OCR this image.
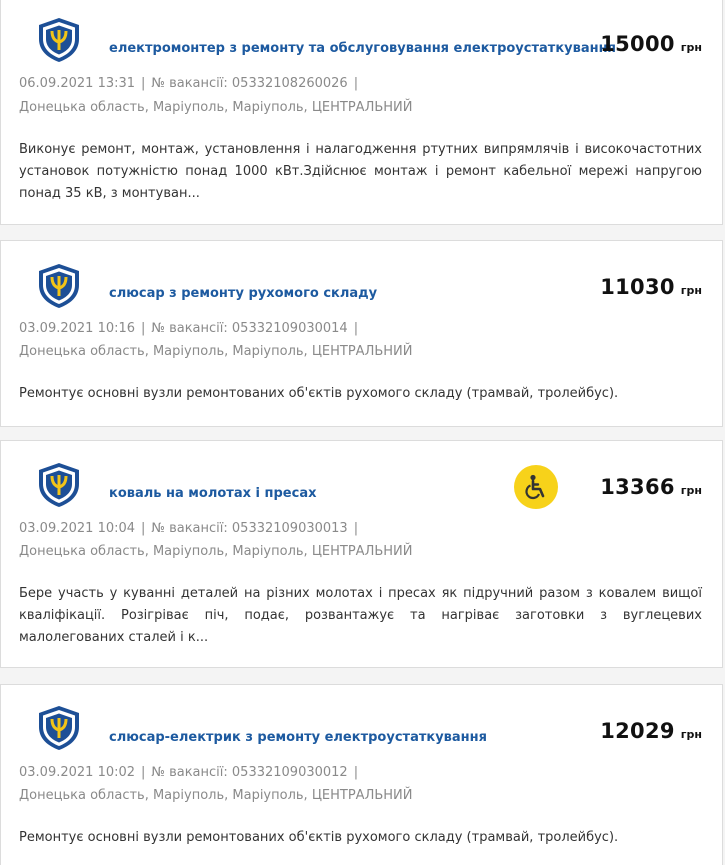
електромонтер з ремонту та обслуговування електроустаткування
15000 грн
06.09.2021 13:31 | № вакансії: 05332108260026 |
Донецька область, Маріуполь, Маріуполь, ЦЕНТРАЛЬНИЙ
Виконує ремонт, монтаж, установлення і налагодження ртутних випрямлячів і високочастотних установок потужністю понад 1000 кВт.Здійснює монтаж і ремонт кабельної мережі напругою понад 35 кВ, з монтуван...
слюсар з ремонту рухомого складу	11030 грн
03.09.2021 10:16 | № вакансії: 05332109030014 |
Донецька область, Маріуполь, Маріуполь, ЦЕНТРАЛЬНИЙ
Ремонтує основні вузли ремонтованих об'єктів рухомого складу (трамвай, тролейбус).
коваль на молотах і пресах	13366 грн
03.09.2021 10:04 | № вакансії: 05332109030013 |
Донецька область, Маріуполь, Маріуполь, ЦЕНТРАЛЬНИЙ
Бере участь у куванні деталей на різних молотах і пресах як підручний разом з ковалем вищої кваліфікації. Розігріває піч, подає, розвантажує та нагріває заготовки з вуглецевих малолегованих сталей і к...
слюсар-електрик з ремонту електроустаткування	12029 грн
03.09.2021 10:02 | № вакансії: 05332109030012 |
Донецька область, Маріуполь, Маріуполь, ЦЕНТРАЛЬНИЙ
Ремонтує основні вузли ремонтованих об'єктів рухомого складу (трамвай, тролейбус).
